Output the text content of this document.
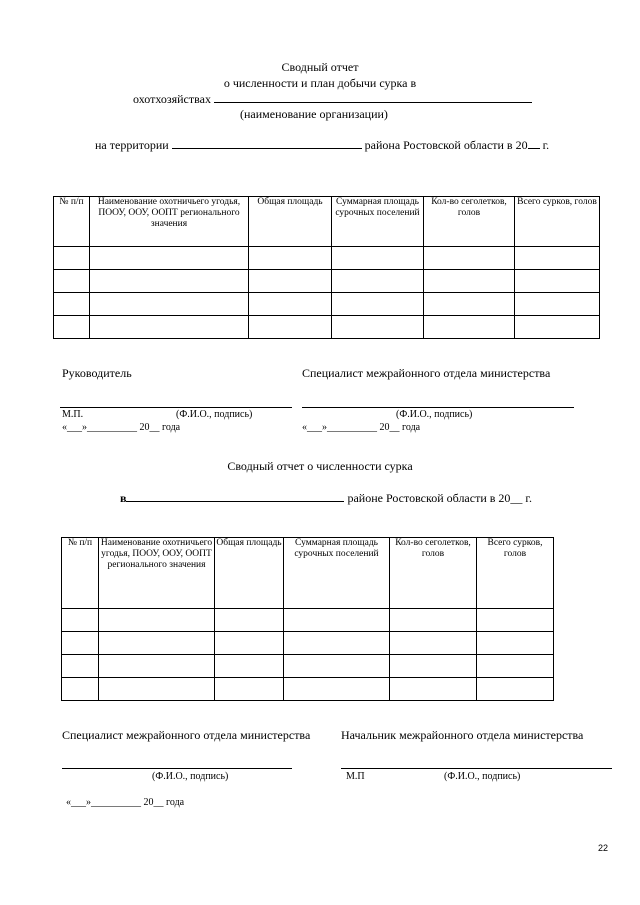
Сводный отчет
о численности и план добычи сурка в
охотхозяйствах
(наименование организации)
на территории	района Ростовской области в 20 г.
№ п/п	Наименование охотничьего угодья, ПООУ, ООУ, ООПТ регионального значения	Общая площадь	Суммарная площадь сурочных поселений	Кол-во сеголетков, голов	Всего сурков, голов

Руководитель	Специалист межрайонного отдела министерства
М.П.	(Ф.И.О., подпись)	(Ф.И.О., подпись)
«___»__________ 20__ года	«___»__________ 20__ года
Сводный отчет о численности сурка
в	районе Ростовской области в 20__ г.
№ п/п	Наименование охотничьего угодья, ПООУ, ООУ, ООПТ регионального значения	Общая площадь	Суммарная площадь сурочных поселений	Кол-во сеголетков, голов	Всего сурков, голов

Специалист межрайонного отдела министерства	Начальник межрайонного отдела министерства
(Ф.И.О., подпись)	М.П	(Ф.И.О., подпись)
«___»__________ 20__ года
22
